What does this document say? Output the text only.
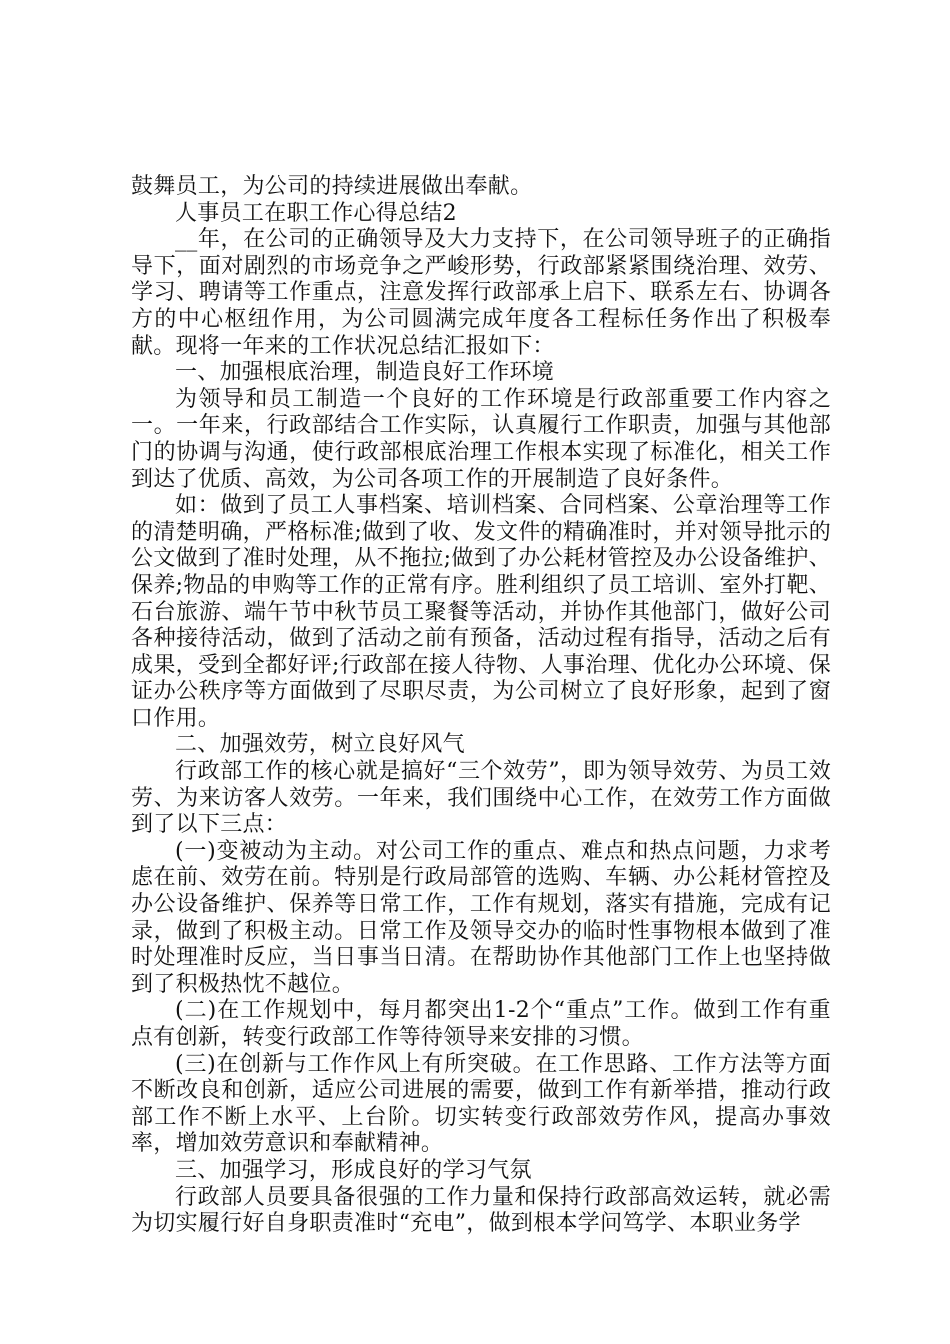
鼓舞员工，为公司的持续进展做出奉献。

人事员工在职工作心得总结2

__年，在公司的正确领导及大力支持下，在公司领导班子的正确指导下，面对剧烈的市场竞争之严峻形势，行政部紧紧围绕治理、效劳、学习、聘请等工作重点，注意发挥行政部承上启下、联系左右、协调各方的中心枢纽作用，为公司圆满完成年度各工程标任务作出了积极奉献。现将一年来的工作状况总结汇报如下：

一、加强根底治理，制造良好工作环境

为领导和员工制造一个良好的工作环境是行政部重要工作内容之一。一年来，行政部结合工作实际，认真履行工作职责，加强与其他部门的协调与沟通，使行政部根底治理工作根本实现了标准化，相关工作到达了优质、高效，为公司各项工作的开展制造了良好条件。

如：做到了员工人事档案、培训档案、合同档案、公章治理等工作的清楚明确，严格标准;做到了收、发文件的精确准时，并对领导批示的公文做到了准时处理，从不拖拉;做到了办公耗材管控及办公设备维护、保养;物品的申购等工作的正常有序。胜利组织了员工培训、室外打靶、石台旅游、端午节中秋节员工聚餐等活动，并协作其他部门，做好公司各种接待活动，做到了活动之前有预备，活动过程有指导，活动之后有成果，受到全都好评;行政部在接人待物、人事治理、优化办公环境、保证办公秩序等方面做到了尽职尽责，为公司树立了良好形象，起到了窗口作用。

二、加强效劳，树立良好风气

行政部工作的核心就是搞好“三个效劳”，即为领导效劳、为员工效劳、为来访客人效劳。一年来，我们围绕中心工作，在效劳工作方面做到了以下三点：

(一)变被动为主动。对公司工作的重点、难点和热点问题，力求考虑在前、效劳在前。特别是行政局部管的选购、车辆、办公耗材管控及办公设备维护、保养等日常工作，工作有规划，落实有措施，完成有记录，做到了积极主动。日常工作及领导交办的临时性事物根本做到了准时处理准时反应，当日事当日清。在帮助协作其他部门工作上也坚持做到了积极热忱不越位。

(二)在工作规划中，每月都突出1-2个“重点”工作。做到工作有重点有创新，转变行政部工作等待领导来安排的习惯。

(三)在创新与工作作风上有所突破。在工作思路、工作方法等方面不断改良和创新，适应公司进展的需要，做到工作有新举措，推动行政部工作不断上水平、上台阶。切实转变行政部效劳作风，提高办事效率，增加效劳意识和奉献精神。

三、加强学习，形成良好的学习气氛

行政部人员要具备很强的工作力量和保持行政部高效运转，就必需为切实履行好自身职责准时“充电”，做到根本学问笃学、本职业务学
